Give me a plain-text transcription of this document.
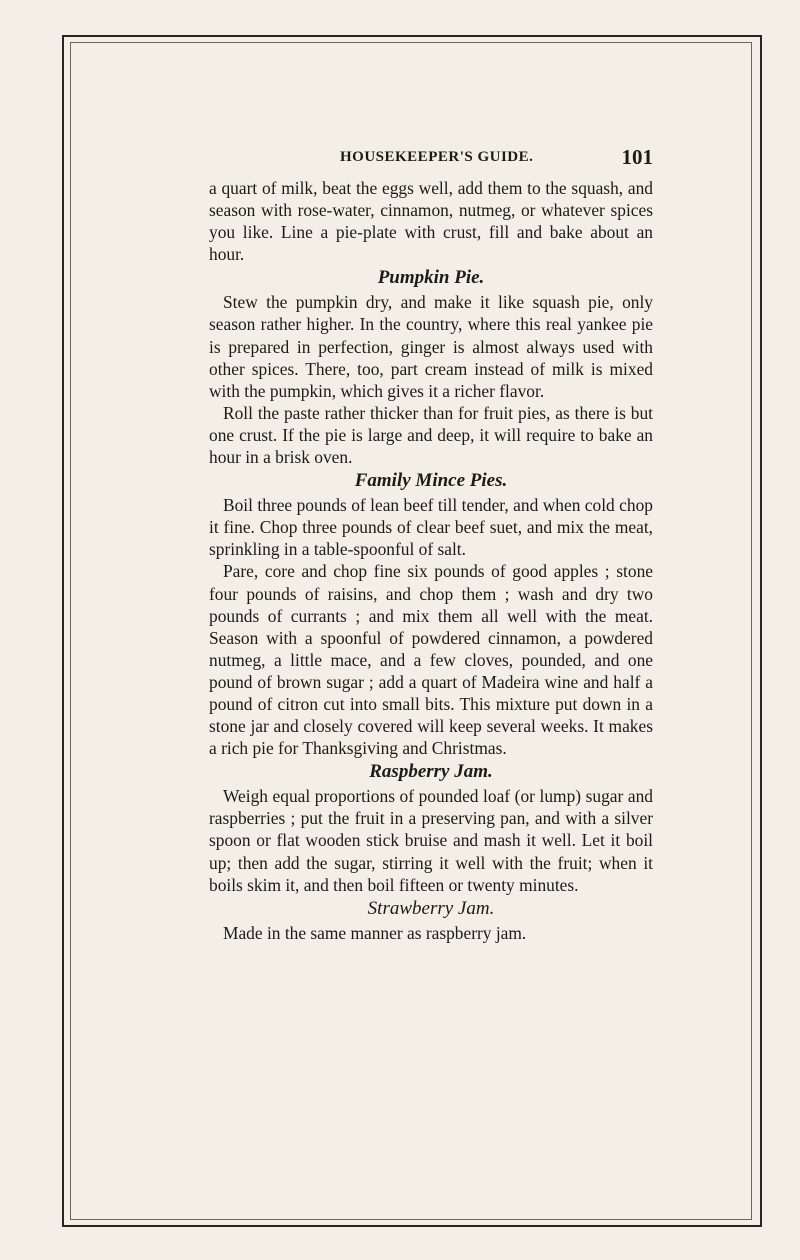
HOUSEKEEPER'S GUIDE.	101

a quart of milk, beat the eggs well, add them to the squash, and season with rose-water, cinnamon, nutmeg, or whatever spices you like. Line a pie-plate with crust, fill and bake about an hour.

Pumpkin Pie.

Stew the pumpkin dry, and make it like squash pie, only season rather higher. In the country, where this real yankee pie is prepared in perfection, ginger is almost always used with other spices. There, too, part cream instead of milk is mixed with the pumpkin, which gives it a richer flavor.

Roll the paste rather thicker than for fruit pies, as there is but one crust. If the pie is large and deep, it will require to bake an hour in a brisk oven.

Family Mince Pies.

Boil three pounds of lean beef till tender, and when cold chop it fine. Chop three pounds of clear beef suet, and mix the meat, sprinkling in a table-spoonful of salt.

Pare, core and chop fine six pounds of good apples ; stone four pounds of raisins, and chop them ; wash and dry two pounds of currants ; and mix them all well with the meat. Season with a spoonful of powdered cinnamon, a powdered nutmeg, a little mace, and a few cloves, pounded, and one pound of brown sugar ; add a quart of Madeira wine and half a pound of citron cut into small bits. This mixture put down in a stone jar and closely covered will keep several weeks. It makes a rich pie for Thanksgiving and Christmas.

Raspberry Jam.

Weigh equal proportions of pounded loaf (or lump) sugar and raspberries ; put the fruit in a preserving pan, and with a silver spoon or flat wooden stick bruise and mash it well. Let it boil up; then add the sugar, stirring it well with the fruit; when it boils skim it, and then boil fifteen or twenty minutes.

Strawberry Jam.

Made in the same manner as raspberry jam.
